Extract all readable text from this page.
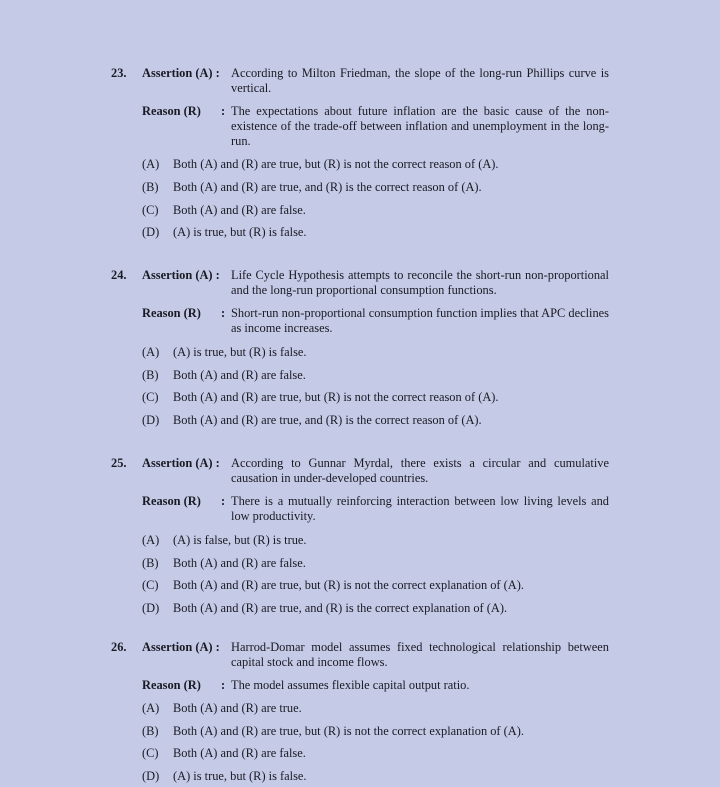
23. Assertion (A) : According to Milton Friedman, the slope of the long-run Phillips curve is vertical.
Reason (R) : The expectations about future inflation are the basic cause of the non-existence of the trade-off between inflation and unemployment in the long-run.
(A) Both (A) and (R) are true, but (R) is not the correct reason of (A).
(B) Both (A) and (R) are true, and (R) is the correct reason of (A).
(C) Both (A) and (R) are false.
(D) (A) is true, but (R) is false.
24. Assertion (A) : Life Cycle Hypothesis attempts to reconcile the short-run non-proportional and the long-run proportional consumption functions.
Reason (R) : Short-run non-proportional consumption function implies that APC declines as income increases.
(A) (A) is true, but (R) is false.
(B) Both (A) and (R) are false.
(C) Both (A) and (R) are true, but (R) is not the correct reason of (A).
(D) Both (A) and (R) are true, and (R) is the correct reason of (A).
25. Assertion (A) : According to Gunnar Myrdal, there exists a circular and cumulative causation in under-developed countries.
Reason (R) : There is a mutually reinforcing interaction between low living levels and low productivity.
(A) (A) is false, but (R) is true.
(B) Both (A) and (R) are false.
(C) Both (A) and (R) are true, but (R) is not the correct explanation of (A).
(D) Both (A) and (R) are true, and (R) is the correct explanation of (A).
26. Assertion (A) : Harrod-Domar model assumes fixed technological relationship between capital stock and income flows.
Reason (R) : The model assumes flexible capital output ratio.
(A) Both (A) and (R) are true.
(B) Both (A) and (R) are true, but (R) is not the correct explanation of (A).
(C) Both (A) and (R) are false.
(D) (A) is true, but (R) is false.
